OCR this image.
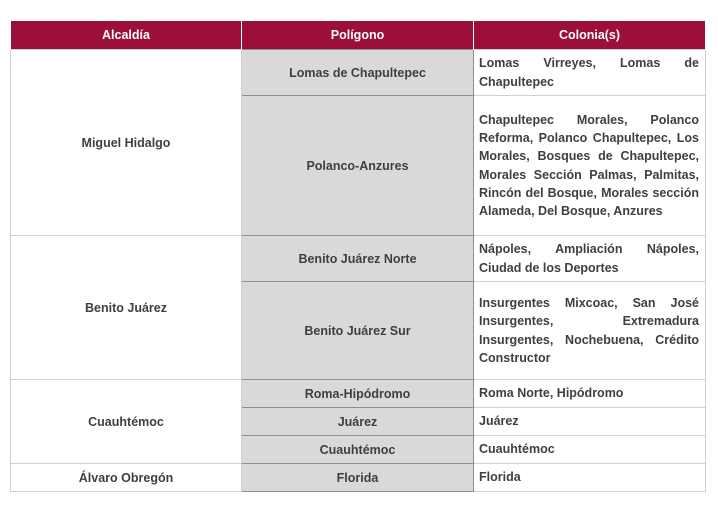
Alcaldía	Polígono	Colonia(s)
Miguel Hidalgo	Lomas de Chapultepec	Lomas Virreyes, Lomas de Chapultepec
	Polanco-Anzures	Chapultepec Morales, Polanco Reforma, Polanco Chapultepec, Los Morales, Bosques de Chapultepec, Morales Sección Palmas, Palmitas, Rincón del Bosque, Morales sección Alameda, Del Bosque, Anzures
Benito Juárez	Benito Juárez Norte	Nápoles, Ampliación Nápoles, Ciudad de los Deportes
	Benito Juárez Sur	Insurgentes Mixcoac, San José Insurgentes, Extremadura Insurgentes, Nochebuena, Crédito Constructor
Cuauhtémoc	Roma-Hipódromo	Roma Norte, Hipódromo
	Juárez	Juárez
	Cuauhtémoc	Cuauhtémoc
Álvaro Obregón	Florida	Florida
